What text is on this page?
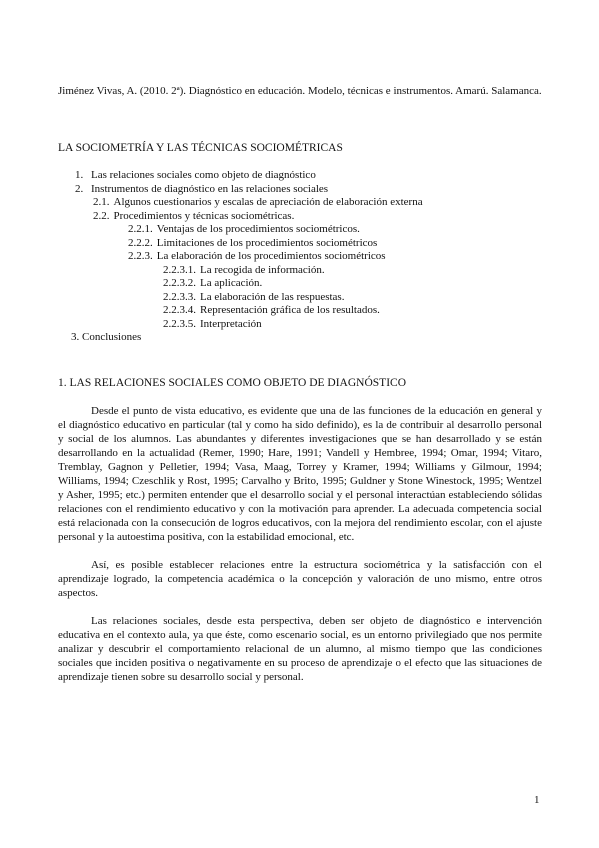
Jiménez Vivas, A. (2010. 2ª). Diagnóstico en educación. Modelo, técnicas e instrumentos. Amarú. Salamanca.

LA SOCIOMETRÍA Y LAS TÉCNICAS SOCIOMÉTRICAS
1. Las relaciones sociales como objeto de diagnóstico
2. Instrumentos de diagnóstico en las relaciones sociales
2.1. Algunos cuestionarios y escalas de apreciación de elaboración externa
2.2. Procedimientos y técnicas sociométricas.
2.2.1. Ventajas de los procedimientos sociométricos.
2.2.2. Limitaciones de los procedimientos sociométricos
2.2.3. La elaboración de los procedimientos sociométricos
2.2.3.1. La recogida de información.
2.2.3.2. La aplicación.
2.2.3.3. La elaboración de las respuestas.
2.2.3.4. Representación gráfica de los resultados.
2.2.3.5. Interpretación
3. Conclusiones
1. LAS RELACIONES SOCIALES COMO OBJETO DE DIAGNÓSTICO

Desde el punto de vista educativo, es evidente que una de las funciones de la educación en general y el diagnóstico educativo en particular (tal y como ha sido definido), es la de contribuir al desarrollo personal y social de los alumnos. Las abundantes y diferentes investigaciones que se han desarrollado y se están desarrollando en la actualidad (Remer, 1990; Hare, 1991; Vandell y Hembree, 1994; Omar, 1994; Vitaro, Tremblay, Gagnon y Pelletier, 1994; Vasa, Maag, Torrey y Kramer, 1994; Williams y Gilmour, 1994; Williams, 1994; Czeschlik y Rost, 1995; Carvalho y Brito, 1995; Guldner y Stone Winestock, 1995; Wentzel y Asher, 1995; etc.) permiten entender que el desarrollo social y el personal interactúan estableciendo sólidas relaciones con el rendimiento educativo y con la motivación para aprender. La adecuada competencia social está relacionada con la consecución de logros educativos, con la mejora del rendimiento escolar, con el ajuste personal y la autoestima positiva, con la estabilidad emocional, etc.

Así, es posible establecer relaciones entre la estructura sociométrica y la satisfacción con el aprendizaje logrado, la competencia académica o la concepción y valoración de uno mismo, entre otros aspectos.

Las relaciones sociales, desde esta perspectiva, deben ser objeto de diagnóstico e intervención educativa en el contexto aula, ya que éste, como escenario social, es un entorno privilegiado que nos permite analizar y descubrir el comportamiento relacional de un alumno, al mismo tiempo que las condiciones sociales que inciden positiva o negativamente en su proceso de aprendizaje o el efecto que las situaciones de aprendizaje tienen sobre su desarrollo social y personal.

1
